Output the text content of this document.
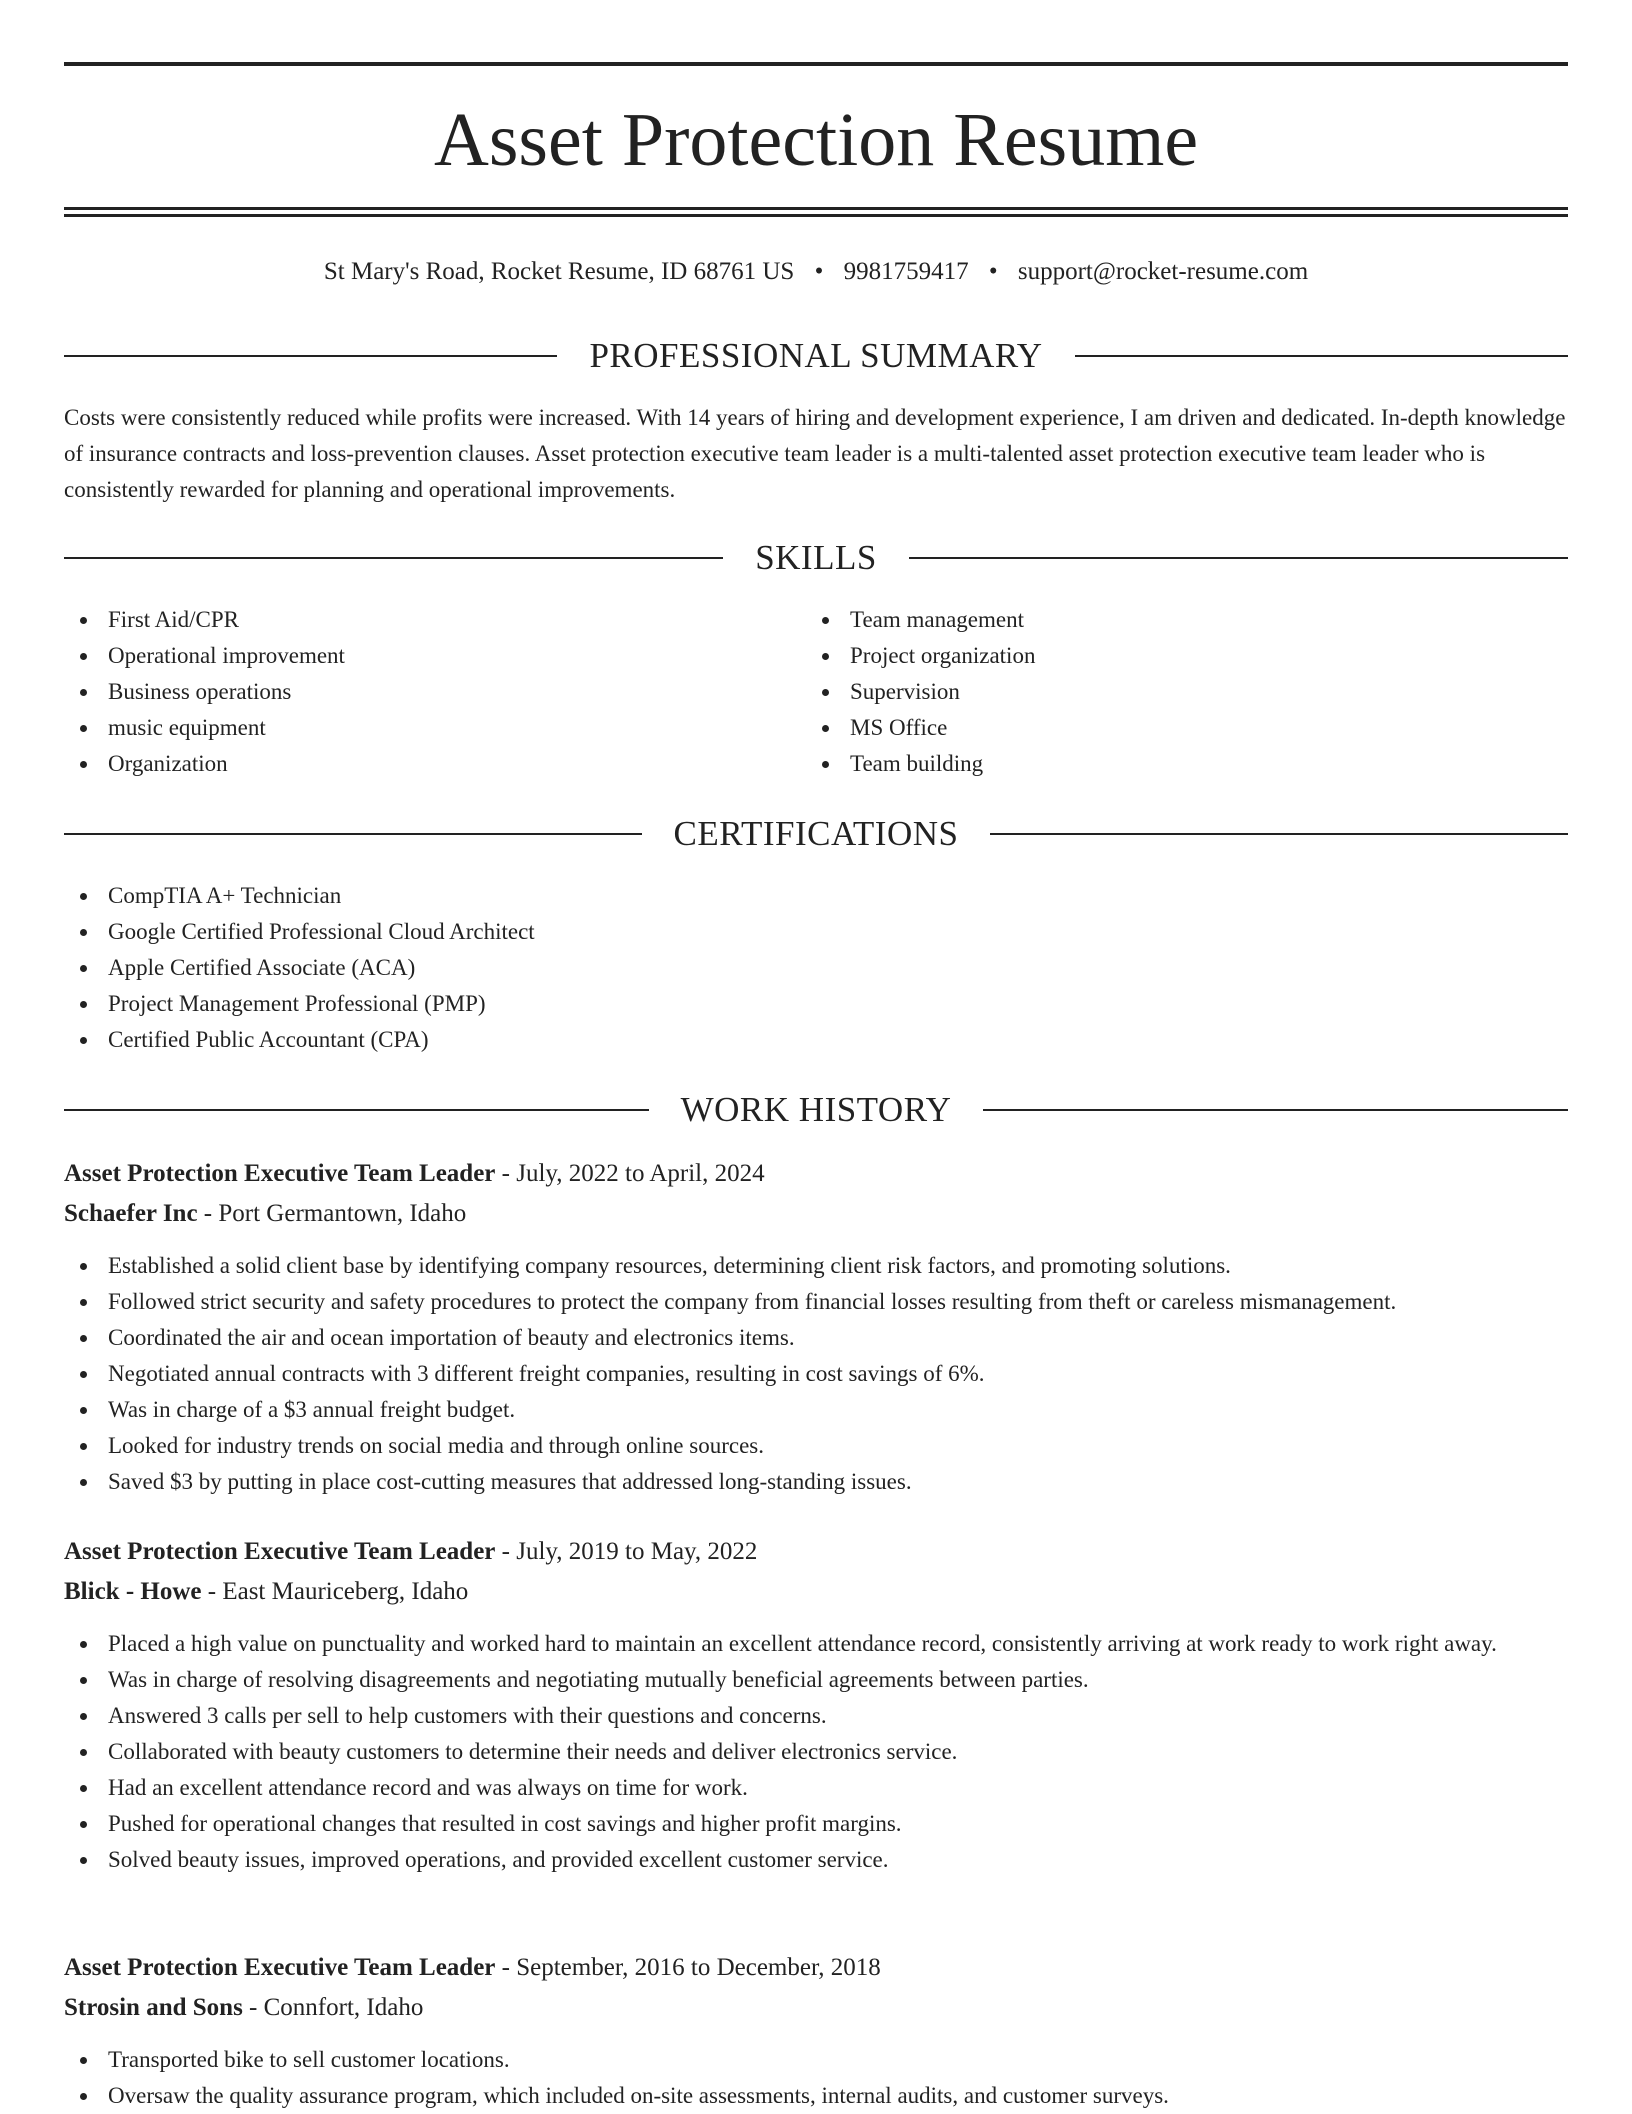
Asset Protection Resume
St Mary's Road, Rocket Resume, ID 68761 US • 9981759417 • support@rocket-resume.com
PROFESSIONAL SUMMARY

Costs were consistently reduced while profits were increased. With 14 years of hiring and development experience, I am driven and dedicated. In-depth knowledge of insurance contracts and loss-prevention clauses. Asset protection executive team leader is a multi-talented asset protection executive team leader who is consistently rewarded for planning and operational improvements.

SKILLS
First Aid/CPR
Operational improvement
Business operations
music equipment
Organization
Team management
Project organization
Supervision
MS Office
Team building
CERTIFICATIONS
CompTIA A+ Technician
Google Certified Professional Cloud Architect
Apple Certified Associate (ACA)
Project Management Professional (PMP)
Certified Public Accountant (CPA)
WORK HISTORY
Asset Protection Executive Team Leader - July, 2022 to April, 2024
Schaefer Inc - Port Germantown, Idaho
Established a solid client base by identifying company resources, determining client risk factors, and promoting solutions.
Followed strict security and safety procedures to protect the company from financial losses resulting from theft or careless mismanagement.
Coordinated the air and ocean importation of beauty and electronics items.
Negotiated annual contracts with 3 different freight companies, resulting in cost savings of 6%.
Was in charge of a $3 annual freight budget.
Looked for industry trends on social media and through online sources.
Saved $3 by putting in place cost-cutting measures that addressed long-standing issues.
Asset Protection Executive Team Leader - July, 2019 to May, 2022
Blick - Howe - East Mauriceberg, Idaho
Placed a high value on punctuality and worked hard to maintain an excellent attendance record, consistently arriving at work ready to work right away.
Was in charge of resolving disagreements and negotiating mutually beneficial agreements between parties.
Answered 3 calls per sell to help customers with their questions and concerns.
Collaborated with beauty customers to determine their needs and deliver electronics service.
Had an excellent attendance record and was always on time for work.
Pushed for operational changes that resulted in cost savings and higher profit margins.
Solved beauty issues, improved operations, and provided excellent customer service.
Asset Protection Executive Team Leader - September, 2016 to December, 2018
Strosin and Sons - Connfort, Idaho
Transported bike to sell customer locations.
Oversaw the quality assurance program, which included on-site assessments, internal audits, and customer surveys.
